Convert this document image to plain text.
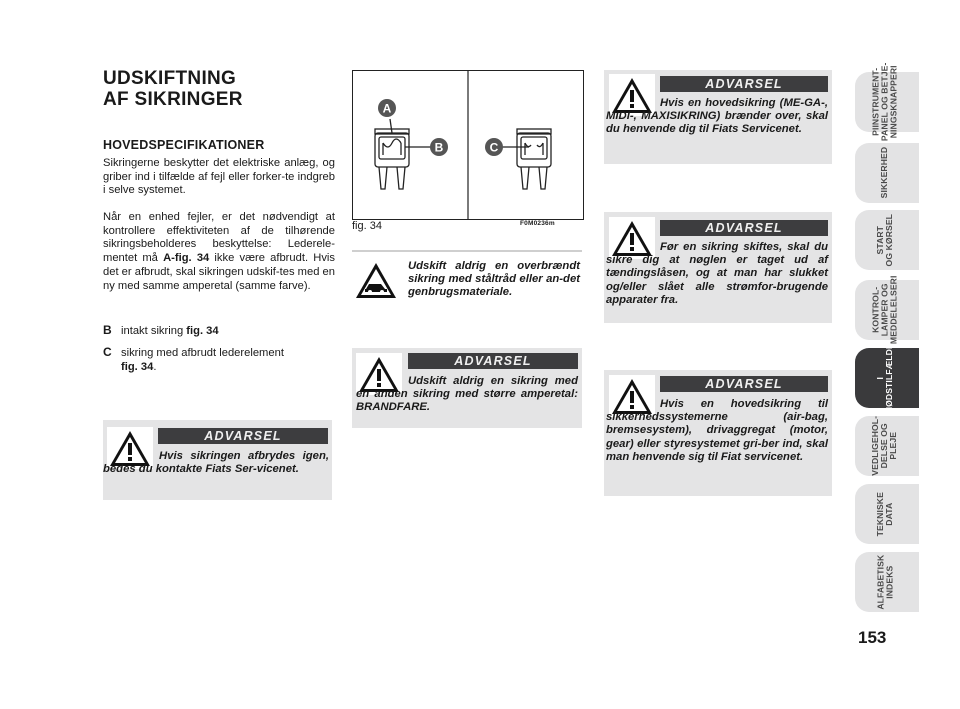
UDSKIFTNING
AF SIKRINGER
HOVEDSPECIFIKATIONER
Sikringerne beskytter det elektriske anlæg, og griber ind i tilfælde af fejl eller forker-te indgreb i selve systemet.
Når en enhed fejler, er det nødvendigt at kontrollere effektiviteten af de tilhørende sikringsbeholderes beskyttelse: Lederele-mentet må A-fig. 34 ikke være afbrudt. Hvis det er afbrudt, skal sikringen udskif-tes med en ny med samme amperetal (samme farve).
B intakt sikring fig. 34
C sikring med afbrudt lederelement
fig. 34.
ADVARSEL
Hvis sikringen afbrydes igen, bedes du kontakte Fiats Ser-vicenet.
A
B	C
fig. 34	F0M0236m
Udskift aldrig en overbrændt sikring med ståltråd eller an-det genbrugsmateriale.
ADVARSEL
Udskift aldrig en sikring med en anden sikring med større amperetal: BRANDFARE.
ADVARSEL
Hvis en hovedsikring (ME-GA-, MIDI-, MAXISIKRING) brænder over, skal du henvende dig til Fiats Servicenet.
ADVARSEL
Før en sikring skiftes, skal du sikre dig at nøglen er taget ud af tændingslåsen, og at man har slukket og/eller slået alle strømfor-brugende apparater fra.
ADVARSEL
Hvis en hovedsikring til sikkerhedssystemerne (air-bag, bremsesystem), drivaggregat (motor, gear) eller styresystemet gri-ber ind, skal man henvende sig til Fiat servicenet.
PIINSTRUMENT-
PANEL OG BETJE-
NINGSKNAPPERI
SIKKERHED
START
OG KØRSEL
KONTROL-
LAMPER OG
MEDDELELSERI
I
NØDSTILFÆLDE
VEDLIGEHOL-
DELSE OG
PLEJE
TEKNISKE
DATA
ALFABETISK
INDEKS
153
